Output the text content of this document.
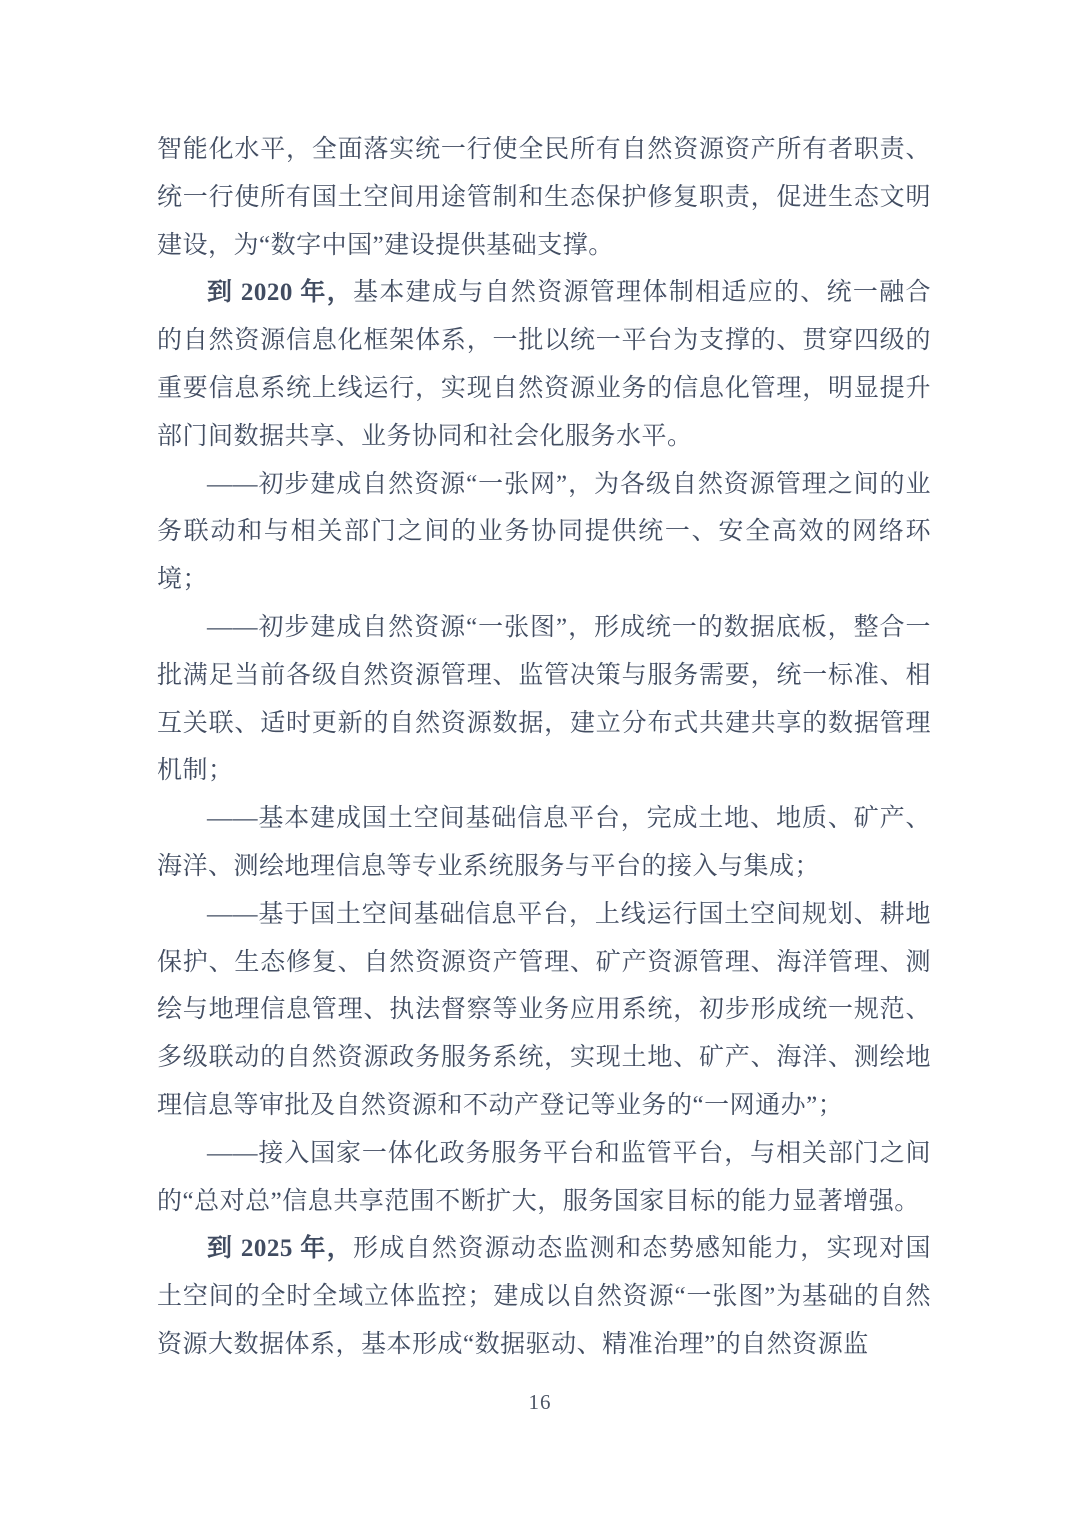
智能化水平，全面落实统一行使全民所有自然资源资产所有者职责、统一行使所有国土空间用途管制和生态保护修复职责，促进生态文明建设，为“数字中国”建设提供基础支撑。

到 2020 年，基本建成与自然资源管理体制相适应的、统一融合的自然资源信息化框架体系，一批以统一平台为支撑的、贯穿四级的重要信息系统上线运行，实现自然资源业务的信息化管理，明显提升部门间数据共享、业务协同和社会化服务水平。

——初步建成自然资源“一张网”，为各级自然资源管理之间的业务联动和与相关部门之间的业务协同提供统一、安全高效的网络环境；

——初步建成自然资源“一张图”，形成统一的数据底板，整合一批满足当前各级自然资源管理、监管决策与服务需要，统一标准、相互关联、适时更新的自然资源数据，建立分布式共建共享的数据管理机制；

——基本建成国土空间基础信息平台，完成土地、地质、矿产、海洋、测绘地理信息等专业系统服务与平台的接入与集成；

——基于国土空间基础信息平台，上线运行国土空间规划、耕地保护、生态修复、自然资源资产管理、矿产资源管理、海洋管理、测绘与地理信息管理、执法督察等业务应用系统，初步形成统一规范、多级联动的自然资源政务服务系统，实现土地、矿产、海洋、测绘地理信息等审批及自然资源和不动产登记等业务的“一网通办”；

——接入国家一体化政务服务平台和监管平台，与相关部门之间的“总对总”信息共享范围不断扩大，服务国家目标的能力显著增强。

到 2025 年，形成自然资源动态监测和态势感知能力，实现对国土空间的全时全域立体监控；建成以自然资源“一张图”为基础的自然资源大数据体系，基本形成“数据驱动、精准治理”的自然资源监

16
